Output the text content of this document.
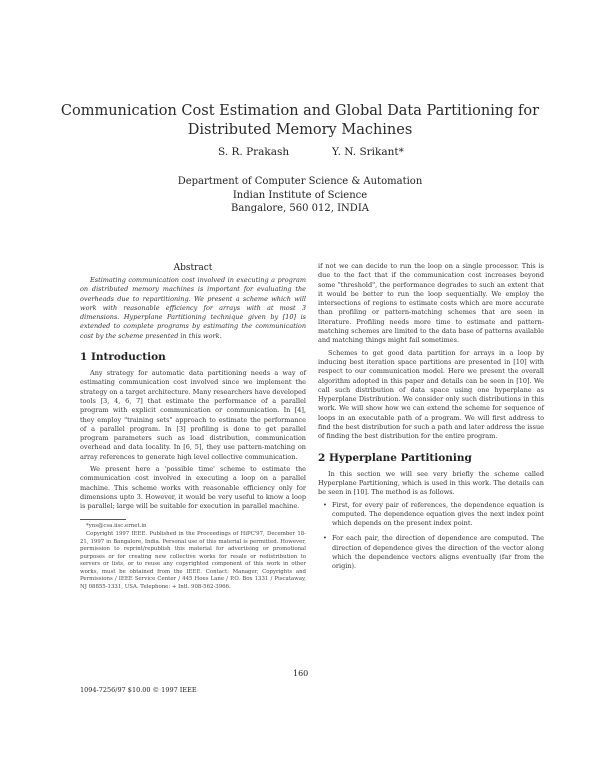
Communication Cost Estimation and Global Data Partitioning for Distributed Memory Machines
S. R. Prakash	Y. N. Srikant*
Department of Computer Science & Automation
Indian Institute of Science
Bangalore, 560 012, INDIA
Abstract

Estimating communication cost involved in executing a program on distributed memory machines is important for evaluating the overheads due to repartitioning. We present a scheme which will work with reasonable efficiency for arrays with at most 3 dimensions. Hyperplane Partitioning technique given by [10] is extended to complete programs by estimating the communication cost by the scheme presented in this work.

1 Introduction

Any strategy for automatic data partitioning needs a way of estimating communication cost involved since we implement the strategy on a target architecture. Many researchers have developed tools [3, 4, 6, 7] that estimate the performance of a parallel program with explicit communication or communication. In [4], they employ "training sets" approach to estimate the performance of a parallel program. In [3] profiling is done to get parallel program parameters such as load distribution, communication overhead and data locality. In [6, 5], they use pattern-matching on array references to generate high level collective communication.

We present here a 'possible time' scheme to estimate the communication cost involved in executing a loop on a parallel machine. This scheme works with reasonable efficiency only for dimensions upto 3. However, it would be very useful to know a loop is parallel; large will be suitable for execution in parallel machine.

*yns@csa.iisc.ernet.in

Copyright 1997 IEEE. Published in the Proceedings of HiPC'97, December 18-21, 1997 in Bangalore, India. Personal use of this material is permitted. However, permission to reprint/republish this material for advertising or promotional purposes or for creating new collective works for resale or redistribution to servers or lists, or to reuse any copyrighted component of this work in other works, must be obtained from the IEEE. Contact: Manager, Copyrights and Permissions / IEEE Service Center / 445 Hoes Lane / P.O. Box 1331 / Piscataway, NJ 08855-1331, USA. Telephone: + Intl. 908-562-3966.

if not we can decide to run the loop on a single processor. This is due to the fact that if the communication cost increases beyond some "threshold", the performance degrades to such an extent that it would be better to run the loop sequentially. We employ the intersections of regions to estimate costs which are more accurate than profiling or pattern-matching schemes that are seen in literature. Profiling needs more time to estimate and pattern-matching schemes are limited to the data base of patterns available and matching things might fail sometimes.

Schemes to get good data partition for arrays in a loop by inducing best iteration space partitions are presented in [10] with respect to our communication model. Here we present the overall algorithm adopted in this paper and details can be seen in [10]. We call such distribution of data space using one hyperplane as Hyperplane Distribution. We consider only such distributions in this work. We will show how we can extend the scheme for sequence of loops in an executable path of a program. We will first address to find the best distribution for such a path and later address the issue of finding the best distribution for the entire program.

2 Hyperplane Partitioning

In this section we will see very briefly the scheme called Hyperplane Partitioning, which is used in this work. The details can be seen in [10]. The method is as follows.

• First, for every pair of references, the dependence equation is computed. The dependence equation gives the next index point which depends on the present index point.
• For each pair, the direction of dependence are computed. The direction of dependence gives the direction of the vector along which the dependence vectors aligns eventually (far from the origin).
160
1094-7256/97 $10.00 © 1997 IEEE
